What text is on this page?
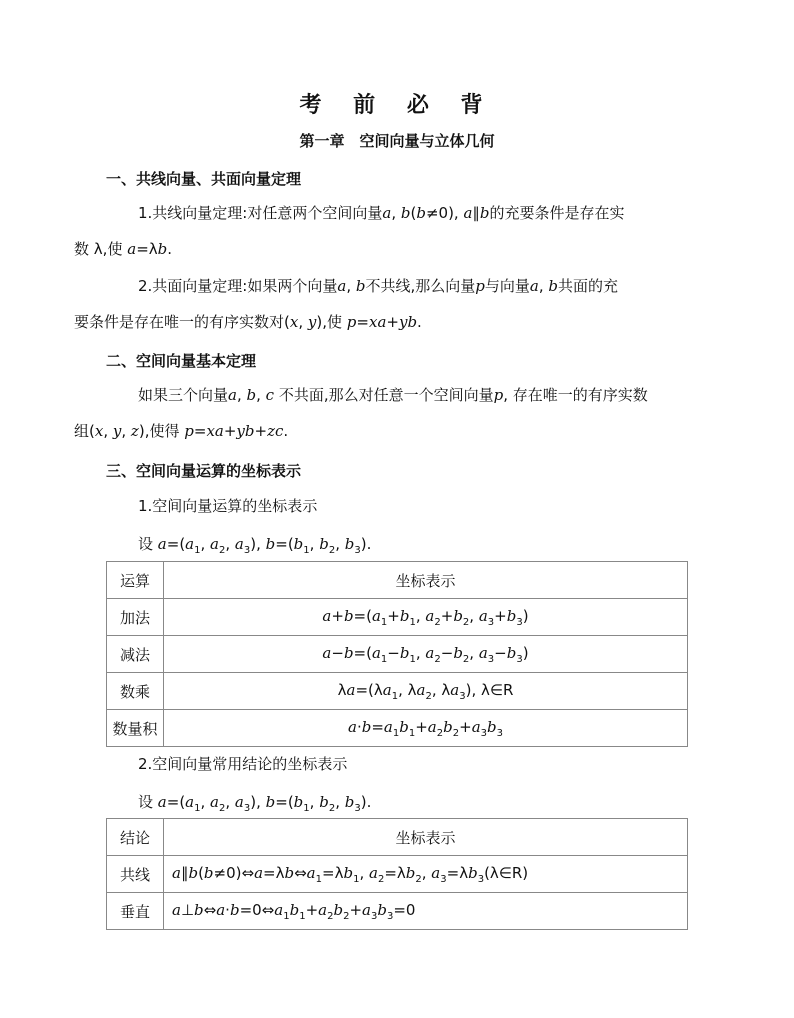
考 前 必 背
第一章　空间向量与立体几何
一、共线向量、共面向量定理
1.共线向量定理:对任意两个空间向量a, b(b≠0), a∥b的充要条件是存在实
数 λ,使 a=λb.
2.共面向量定理:如果两个向量a, b不共线,那么向量p与向量a, b共面的充
要条件是存在唯一的有序实数对(x, y),使 p=xa+yb.
二、空间向量基本定理
如果三个向量a, b, c 不共面,那么对任意一个空间向量p, 存在唯一的有序实数
组(x, y, z),使得 p=xa+yb+zc.
三、空间向量运算的坐标表示
1.空间向量运算的坐标表示
设 $a=(a_1$, $a_2$, $a_3$), $b=(b_1$, $b_2$, $b_3$).
运算	坐标表示
加法	$a+b=(a_1+b_1$, $a_2+b_2$, $a_3+b_3$)
减法	$a-b=(a_1-b_1$, $a_2-b_2$, $a_3-b_3$)
数乘	$\lambda a=(\lambda a_1$, $\lambda a_2$, $\lambda a_3$), λ∈R
数量积	$a\cdot b=a_1b_1+a_2b_2+a_3b_3$
2.空间向量常用结论的坐标表示
设 $a=(a_1$, $a_2$, $a_3$), $b=(b_1$, $b_2$, $b_3$).
结论	坐标表示
共线	$a\parallel b(b\ne 0)\Leftrightarrow a=\lambda b\Leftrightarrow a_1=\lambda b_1$, $a_2=\lambda b_2$, $a_3=\lambda b_3(\lambda\in R)$
垂直	$a\perp b\Leftrightarrow a\cdot b=0\Leftrightarrow a_1b_1+a_2b_2+a_3b_3=0$
